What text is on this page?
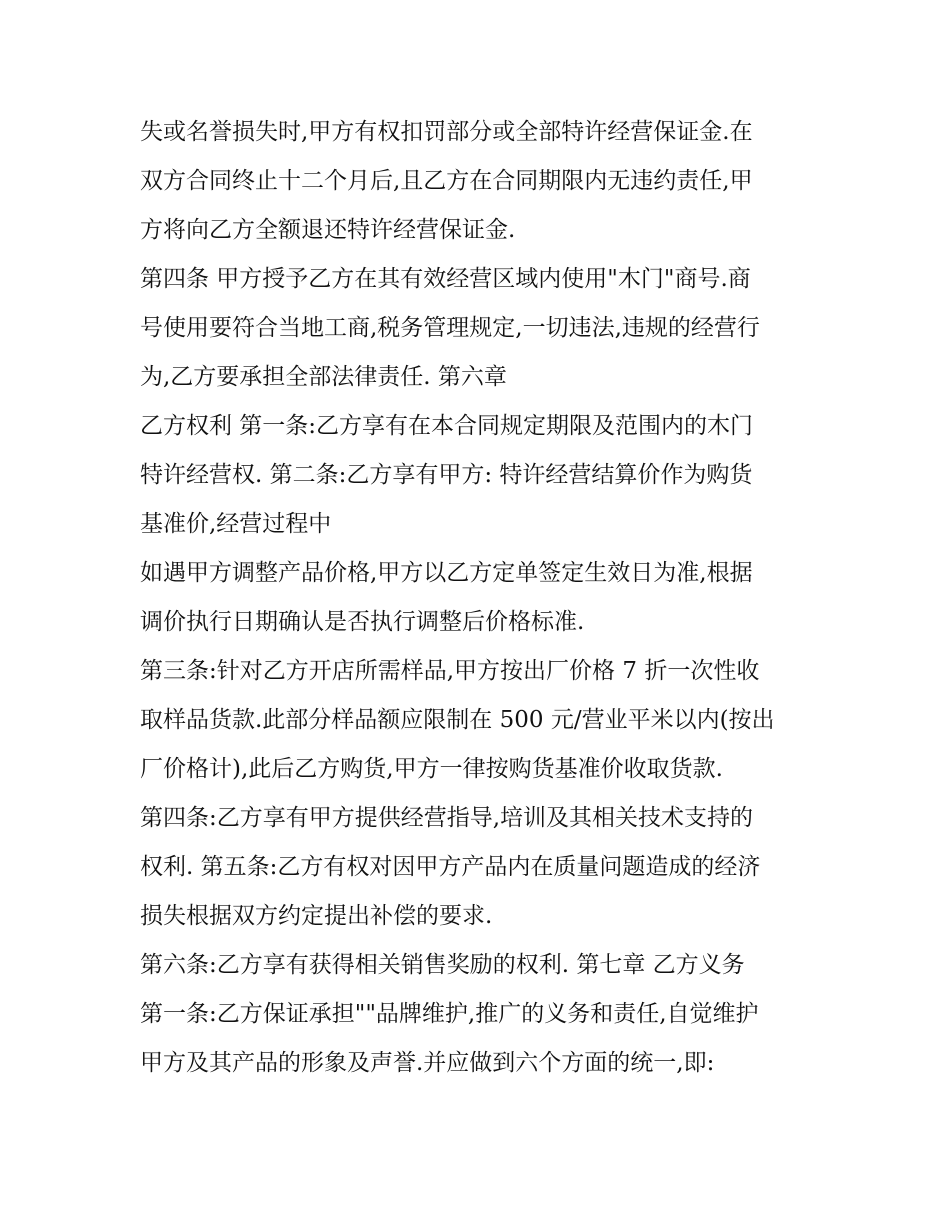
失或名誉损失时,甲方有权扣罚部分或全部特许经营保证金.在
双方合同终止十二个月后,且乙方在合同期限内无违约责任,甲
方将向乙方全额退还特许经营保证金.
第四条 甲方授予乙方在其有效经营区域内使用"木门"商号.商
号使用要符合当地工商,税务管理规定,一切违法,违规的经营行
为,乙方要承担全部法律责任. 第六章
乙方权利 第一条:乙方享有在本合同规定期限及范围内的木门
特许经营权. 第二条:乙方享有甲方: 特许经营结算价作为购货
基准价,经营过程中
如遇甲方调整产品价格,甲方以乙方定单签定生效日为准,根据
调价执行日期确认是否执行调整后价格标准.
第三条:针对乙方开店所需样品,甲方按出厂价格 7 折一次性收
取样品货款.此部分样品额应限制在 500 元/营业平米以内(按出
厂价格计),此后乙方购货,甲方一律按购货基准价收取货款.
第四条:乙方享有甲方提供经营指导,培训及其相关技术支持的
权利. 第五条:乙方有权对因甲方产品内在质量问题造成的经济
损失根据双方约定提出补偿的要求.
第六条:乙方享有获得相关销售奖励的权利. 第七章 乙方义务
第一条:乙方保证承担""品牌维护,推广的义务和责任,自觉维护
甲方及其产品的形象及声誉.并应做到六个方面的统一,即:
